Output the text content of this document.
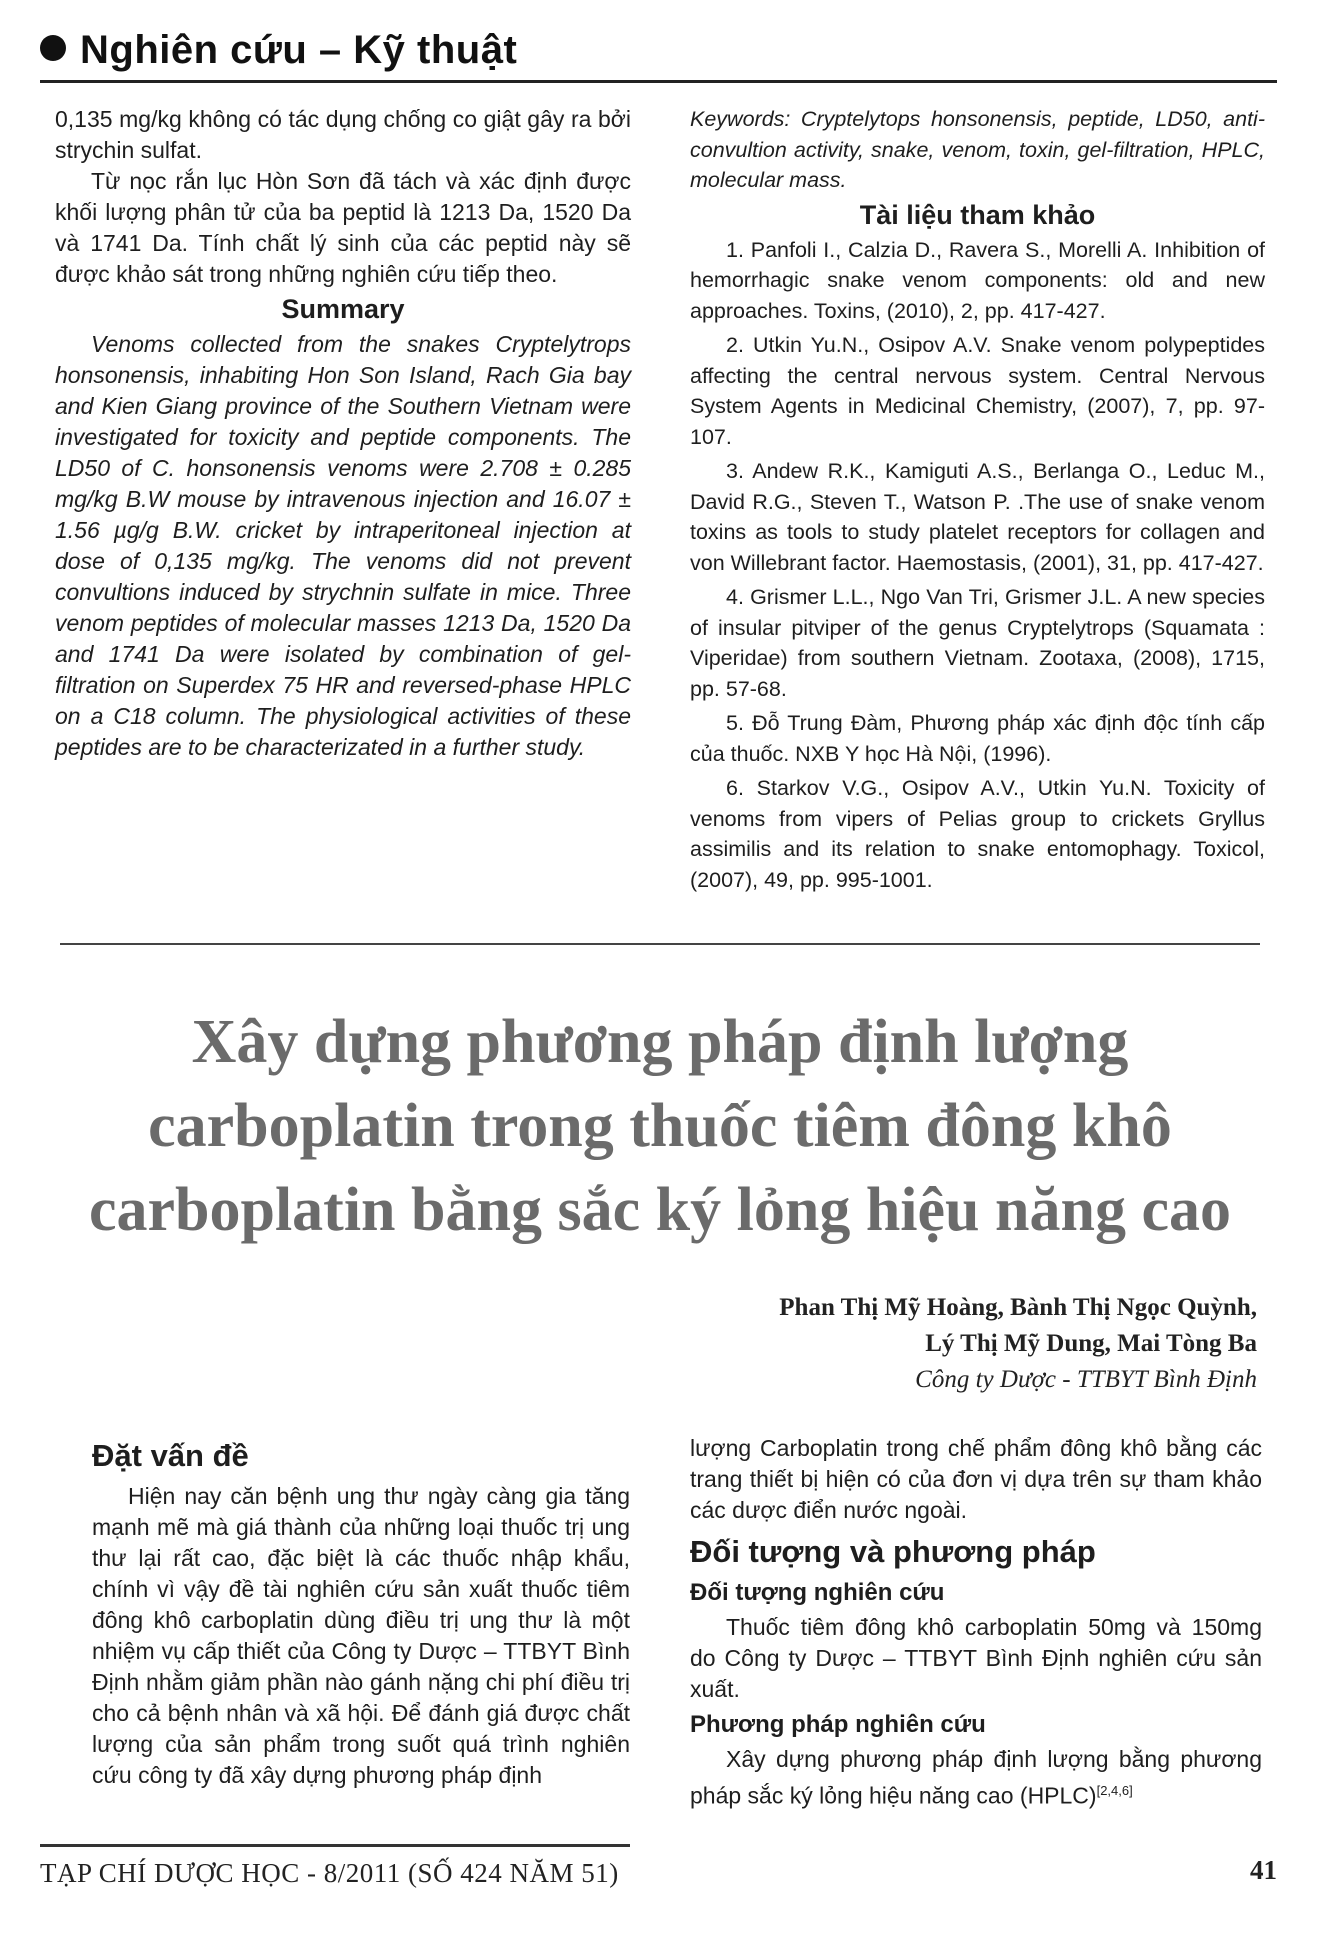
Nghiên cứu – Kỹ thuật

0,135 mg/kg không có tác dụng chống co giật gây ra bởi strychin sulfat.

Từ nọc rắn lục Hòn Sơn đã tách và xác định được khối lượng phân tử của ba peptid là 1213 Da, 1520 Da và 1741 Da. Tính chất lý sinh của các peptid này sẽ được khảo sát trong những nghiên cứu tiếp theo.

Summary

Venoms collected from the snakes Cryptelytrops honsonensis, inhabiting Hon Son Island, Rach Gia bay and Kien Giang province of the Southern Vietnam were investigated for toxicity and peptide components. The LD50 of C. honsonensis venoms were 2.708 ± 0.285 mg/kg B.W mouse by intravenous injection and 16.07 ± 1.56 µg/g B.W. cricket by intraperitoneal injection at dose of 0,135 mg/kg. The venoms did not prevent convultions induced by strychnin sulfate in mice. Three venom peptides of molecular masses 1213 Da, 1520 Da and 1741 Da were isolated by combination of gel-filtration on Superdex 75 HR and reversed-phase HPLC on a C18 column. The physiological activities of these peptides are to be characterizated in a further study.

Keywords: Cryptelytops honsonensis, peptide, LD50, anti-convultion activity, snake, venom, toxin, gel-filtration, HPLC, molecular mass.

Tài liệu tham khảo

1. Panfoli I., Calzia D., Ravera S., Morelli A. Inhibition of hemorrhagic snake venom components: old and new approaches. Toxins, (2010), 2, pp. 417-427.

2. Utkin Yu.N., Osipov A.V. Snake venom polypeptides affecting the central nervous system. Central Nervous System Agents in Medicinal Chemistry, (2007), 7, pp. 97-107.

3. Andew R.K., Kamiguti A.S., Berlanga O., Leduc M., David R.G., Steven T., Watson P. .The use of snake venom toxins as tools to study platelet receptors for collagen and von Willebrant factor. Haemostasis, (2001), 31, pp. 417-427.

4. Grismer L.L., Ngo Van Tri, Grismer J.L. A new species of insular pitviper of the genus Cryptelytrops (Squamata : Viperidae) from southern Vietnam. Zootaxa, (2008), 1715, pp. 57-68.

5. Đỗ Trung Đàm, Phương pháp xác định độc tính cấp của thuốc. NXB Y học Hà Nội, (1996).

6. Starkov V.G., Osipov A.V., Utkin Yu.N. Toxicity of venoms from vipers of Pelias group to crickets Gryllus assimilis and its relation to snake entomophagy. Toxicol, (2007), 49, pp. 995-1001.

Xây dựng phương pháp định lượng carboplatin trong thuốc tiêm đông khô carboplatin bằng sắc ký lỏng hiệu năng cao
Phan Thị Mỹ Hoàng, Bành Thị Ngọc Quỳnh,
Lý Thị Mỹ Dung, Mai Tòng Ba
Công ty Dược - TTBYT Bình Định
Đặt vấn đề

Hiện nay căn bệnh ung thư ngày càng gia tăng mạnh mẽ mà giá thành của những loại thuốc trị ung thư lại rất cao, đặc biệt là các thuốc nhập khẩu, chính vì vậy đề tài nghiên cứu sản xuất thuốc tiêm đông khô carboplatin dùng điều trị ung thư là một nhiệm vụ cấp thiết của Công ty Dược – TTBYT Bình Định nhằm giảm phần nào gánh nặng chi phí điều trị cho cả bệnh nhân và xã hội. Để đánh giá được chất lượng của sản phẩm trong suốt quá trình nghiên cứu công ty đã xây dựng phương pháp định

lượng Carboplatin trong chế phẩm đông khô bằng các trang thiết bị hiện có của đơn vị dựa trên sự tham khảo các dược điển nước ngoài.

Đối tượng và phương pháp
Đối tượng nghiên cứu

Thuốc tiêm đông khô carboplatin 50mg và 150mg do Công ty Dược – TTBYT Bình Định nghiên cứu sản xuất.

Phương pháp nghiên cứu

Xây dựng phương pháp định lượng bằng phương pháp sắc ký lỏng hiệu năng cao (HPLC)[2,4,6]

TẠP CHÍ DƯỢC HỌC - 8/2011 (SỐ 424 NĂM 51)	41
